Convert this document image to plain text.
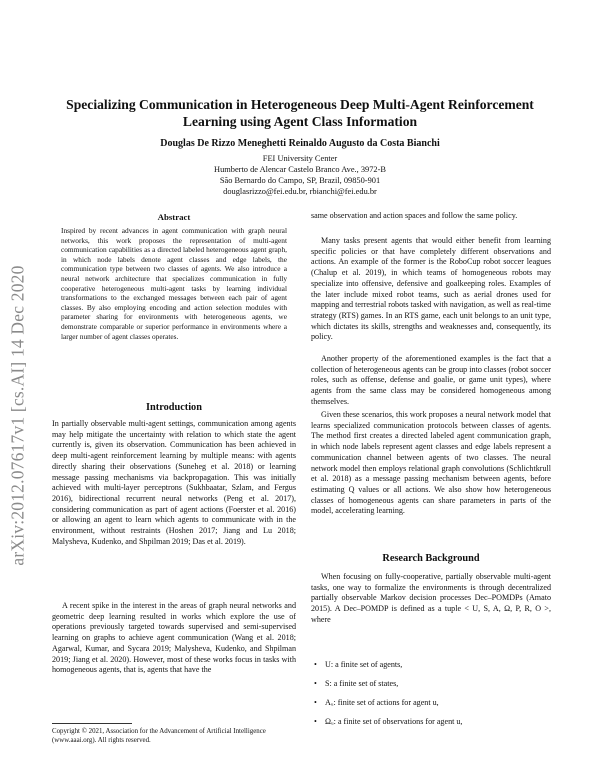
arXiv:2012.07617v1 [cs.AI] 14 Dec 2020
Specializing Communication in Heterogeneous Deep Multi-Agent Reinforcement Learning using Agent Class Information
Douglas De Rizzo Meneghetti Reinaldo Augusto da Costa Bianchi
FEI University Center
Humberto de Alencar Castelo Branco Ave., 3972-B
São Bernardo do Campo, SP, Brazil, 09850-901
douglasrizzo@fei.edu.br, rbianchi@fei.edu.br
Abstract

Inspired by recent advances in agent communication with graph neural networks, this work proposes the representation of multi-agent communication capabilities as a directed labeled heterogeneous agent graph, in which node labels denote agent classes and edge labels, the communication type between two classes of agents. We also introduce a neural network architecture that specializes communication in fully cooperative heterogeneous multi-agent tasks by learning individual transformations to the exchanged messages between each pair of agent classes. By also employing encoding and action selection modules with parameter sharing for environments with heterogeneous agents, we demonstrate comparable or superior performance in environments where a larger number of agent classes operates.

Introduction

In partially observable multi-agent settings, communication among agents may help mitigate the uncertainty with relation to which state the agent currently is, given its observation. Communication has been achieved in deep multi-agent reinforcement learning by multiple means: with agents directly sharing their observations (Suneheg et al. 2018) or learning message passing mechanisms via backpropagation. This was initially achieved with multi-layer perceptrons (Sukhbaatar, Szlam, and Fergus 2016), bidirectional recurrent neural networks (Peng et al. 2017), considering communication as part of agent actions (Foerster et al. 2016) or allowing an agent to learn which agents to communicate with in the environment, without restraints (Hoshen 2017; Jiang and Lu 2018; Malysheva, Kudenko, and Shpilman 2019; Das et al. 2019).

A recent spike in the interest in the areas of graph neural networks and geometric deep learning resulted in works which explore the use of operations previously targeted towards supervised and semi-supervised learning on graphs to achieve agent communication (Wang et al. 2018; Agarwal, Kumar, and Sycara 2019; Malysheva, Kudenko, and Shpilman 2019; Jiang et al. 2020). However, most of these works focus in tasks with homogeneous agents, that is, agents that have the

Copyright © 2021, Association for the Advancement of Artificial Intelligence (www.aaai.org). All rights reserved.

same observation and action spaces and follow the same policy.

Many tasks present agents that would either benefit from learning specific policies or that have completely different observations and actions. An example of the former is the RoboCup robot soccer leagues (Chalup et al. 2019), in which teams of homogeneous robots may specialize into offensive, defensive and goalkeeping roles. Examples of the later include mixed robot teams, such as aerial drones used for mapping and terrestrial robots tasked with navigation, as well as real-time strategy (RTS) games. In an RTS game, each unit belongs to an unit type, which dictates its skills, strengths and weaknesses and, consequently, its policy.

Another property of the aforementioned examples is the fact that a collection of heterogeneous agents can be group into classes (robot soccer roles, such as offense, defense and goalie, or game unit types), where agents from the same class may be considered homogeneous among themselves.

Given these scenarios, this work proposes a neural network model that learns specialized communication protocols between classes of agents. The method first creates a directed labeled agent communication graph, in which node labels represent agent classes and edge labels represent a communication channel between agents of two classes. The neural network model then employs relational graph convolutions (Schlichtkrull et al. 2018) as a message passing mechanism between agents, before estimating Q values or all actions. We also show how heterogeneous classes of homogeneous agents can share parameters in parts of the model, accelerating learning.

Research Background

When focusing on fully-cooperative, partially observable multi-agent tasks, one way to formalize the environments is through decentralized partially observable Markov decision processes Dec–POMDPs (Amato 2015). A Dec–POMDP is defined as a tuple < U, S, A, Ω, P, R, O >, where

• U: a finite set of agents,
• S: a finite set of states,
• Aᵤ: finite set of actions for agent u,
• Ωᵤ: a finite set of observations for agent u,
